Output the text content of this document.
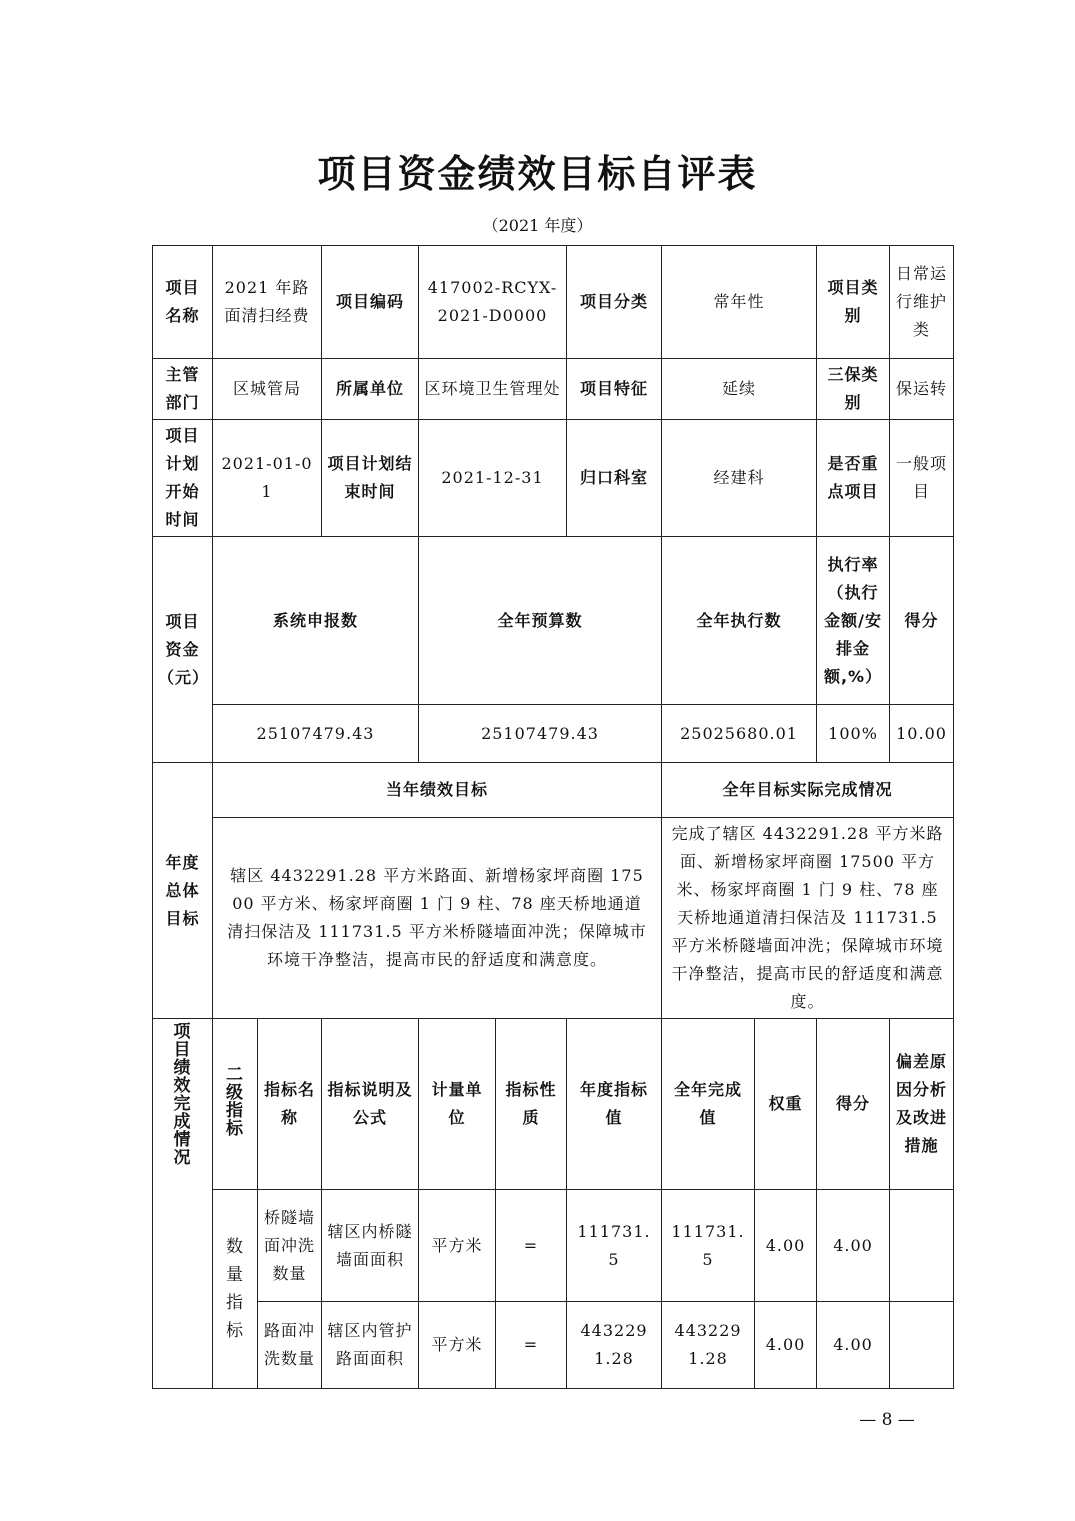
项目资金绩效目标自评表
（2021 年度）
项目名称	2021 年路面清扫经费		项目编码	417002-RCYX-2021-D0000		项目分类	常年性		项目类别	日常运行维护类
主管部门	区城管局		所属单位	区环境卫生管理处		项目特征	延续		三保类别	保运转
项目计划开始时间	2021-01-01		项目计划结束时间	2021-12-31		归口科室	经建科		是否重点项目	一般项目
项目资金（元）	系统申报数			全年预算数			全年执行数		执行率（执行金额/安排金额,%）	得分
	25107479.43			25107479.43			25025680.01		100%	10.00
年度总体目标	当年绩效目标						全年目标实际完成情况			
	辖区 4432291.28 平方米路面、新增杨家坪商圈 17500 平方米、杨家坪商圈 1 门 9 柱、78 座天桥地通道清扫保洁及 111731.5 平方米桥隧墙面冲洗；保障城市环境干净整洁，提高市民的舒适度和满意度。						完成了辖区 4432291.28 平方米路面、新增杨家坪商圈 17500 平方米、杨家坪商圈 1 门 9 柱、78 座天桥地通道清扫保洁及 111731.5 平方米桥隧墙面冲洗；保障城市环境干净整洁，提高市民的舒适度和满意度。			
项目绩效完成情况	二级指标	指标名称	指标说明及公式	计量单位	指标性质	年度指标值	全年完成值	权重	得分	偏差原因分析及改进措施
	数量指标	桥隧墙面冲洗数量	辖区内桥隧墙面面积	平方米	=	111731.5	111731.5	4.00	4.00	
		路面冲洗数量	辖区内管护路面面积	平方米	=	4432291.28	4432291.28	4.00	4.00	
— 8 —
